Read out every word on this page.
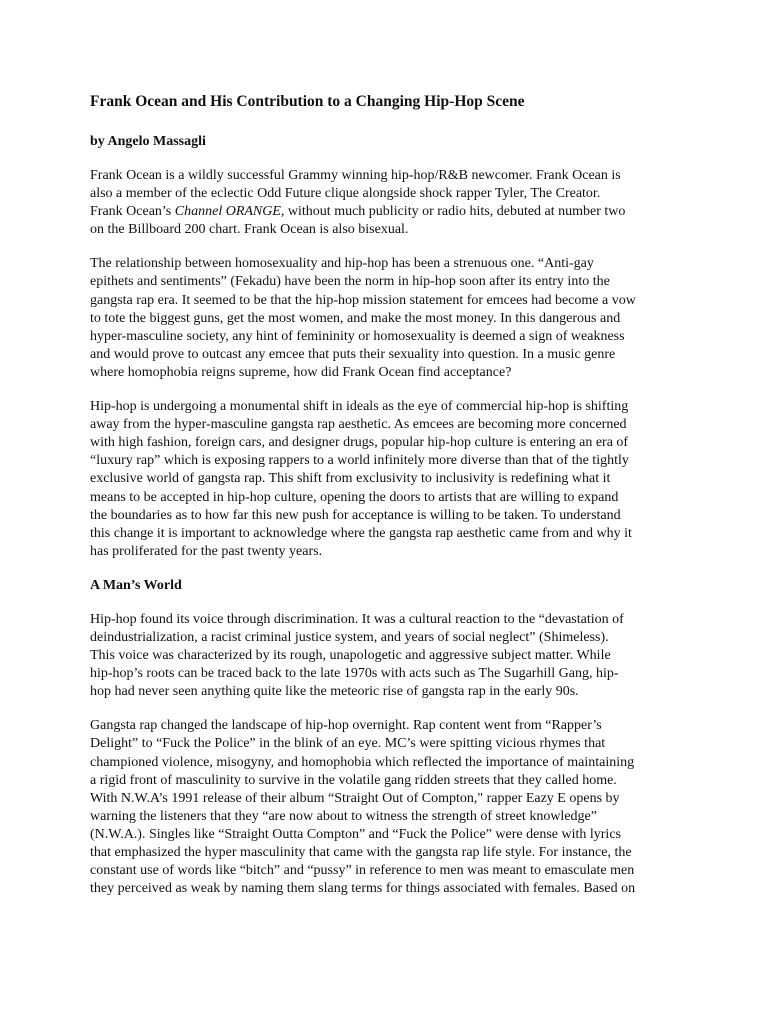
Frank Ocean and His Contribution to a Changing Hip-Hop Scene
by Angelo Massagli
Frank Ocean is a wildly successful Grammy winning hip-hop/R&B newcomer. Frank Ocean is
also a member of the eclectic Odd Future clique alongside shock rapper Tyler, The Creator.
Frank Ocean’s Channel ORANGE, without much publicity or radio hits, debuted at number two
on the Billboard 200 chart. Frank Ocean is also bisexual.
The relationship between homosexuality and hip-hop has been a strenuous one. “Anti-gay
epithets and sentiments” (Fekadu) have been the norm in hip-hop soon after its entry into the
gangsta rap era. It seemed to be that the hip-hop mission statement for emcees had become a vow
to tote the biggest guns, get the most women, and make the most money. In this dangerous and
hyper-masculine society, any hint of femininity or homosexuality is deemed a sign of weakness
and would prove to outcast any emcee that puts their sexuality into question. In a music genre
where homophobia reigns supreme, how did Frank Ocean find acceptance?
Hip-hop is undergoing a monumental shift in ideals as the eye of commercial hip-hop is shifting
away from the hyper-masculine gangsta rap aesthetic. As emcees are becoming more concerned
with high fashion, foreign cars, and designer drugs, popular hip-hop culture is entering an era of
“luxury rap” which is exposing rappers to a world infinitely more diverse than that of the tightly
exclusive world of gangsta rap. This shift from exclusivity to inclusivity is redefining what it
means to be accepted in hip-hop culture, opening the doors to artists that are willing to expand
the boundaries as to how far this new push for acceptance is willing to be taken. To understand
this change it is important to acknowledge where the gangsta rap aesthetic came from and why it
has proliferated for the past twenty years.
A Man’s World
Hip-hop found its voice through discrimination. It was a cultural reaction to the “devastation of
deindustrialization, a racist criminal justice system, and years of social neglect” (Shimeless).
This voice was characterized by its rough, unapologetic and aggressive subject matter. While
hip-hop’s roots can be traced back to the late 1970s with acts such as The Sugarhill Gang, hip-
hop had never seen anything quite like the meteoric rise of gangsta rap in the early 90s.
Gangsta rap changed the landscape of hip-hop overnight. Rap content went from “Rapper’s
Delight” to “Fuck the Police” in the blink of an eye. MC’s were spitting vicious rhymes that
championed violence, misogyny, and homophobia which reflected the importance of maintaining
a rigid front of masculinity to survive in the volatile gang ridden streets that they called home.
With N.W.A’s 1991 release of their album “Straight Out of Compton," rapper Eazy E opens by
warning the listeners that they “are now about to witness the strength of street knowledge”
(N.W.A.). Singles like “Straight Outta Compton” and “Fuck the Police” were dense with lyrics
that emphasized the hyper masculinity that came with the gangsta rap life style. For instance, the
constant use of words like “bitch” and “pussy” in reference to men was meant to emasculate men
they perceived as weak by naming them slang terms for things associated with females. Based on
